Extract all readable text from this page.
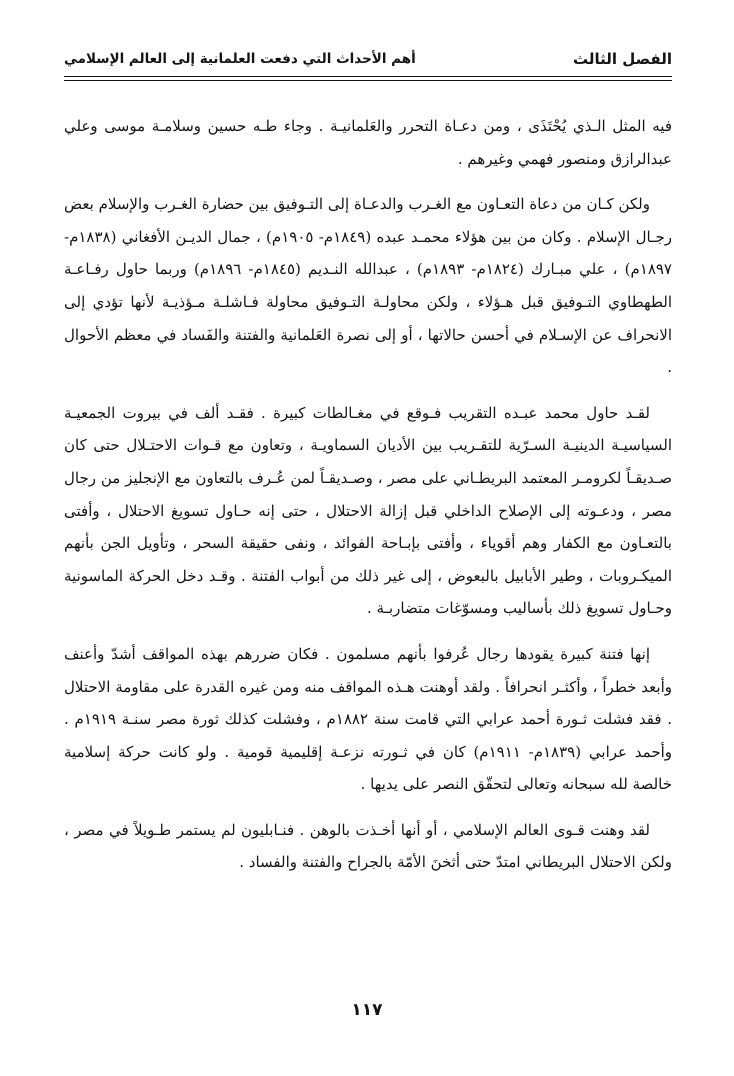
الفصل الثالث
أهم الأحداث التي دفعت العلمانية إلى العالم الإسلامي

فيه المثل الـذي يُحْتَذَى ، ومن دعـاة التحرر والعَلمانيـة . وجاء طـه حسين وسلامـة موسى وعلي عبدالرازق ومنصور فهمي وغيرهم .

ولكن كـان من دعاة التعـاون مع الغـرب والدعـاة إلى التـوفيق بين حضارة الغـرب والإسلام بعض رجـال الإسلام . وكان من بين هؤلاء محمـد عبده (١٨٤٩م- ١٩٠٥م) ، جمال الديـن الأفغاني (١٨٣٨م- ١٨٩٧م) ، علي مبـارك (١٨٢٤م- ١٨٩٣م) ، عبدالله النـديم (١٨٤٥م- ١٨٩٦م) وربما حاول رفـاعـة الطهطاوي التـوفيق قبل هـؤلاء ، ولكن محاولـة التـوفيق محاولة فـاشلـة مـؤذيـة لأنها تؤدي إلى الانحراف عن الإسـلام في أحسن حالاتها ، أو إلى نصرة العَلمانية والفتنة والفَساد في معظم الأحوال .

لقـد حاول محمد عبـده التقريب فـوقع في مغـالطات كبيرة . فقـد ألف في بيروت الجمعيـة السياسيـة الدينيـة السـرّية للتقـريب بين الأديان السماويـة ، وتعاون مع قـوات الاحتـلال حتى كان صـديقـاً لكرومـر المعتمد البريطـاني على مصر ، وصـديقـاً لمن عُـرف بالتعاون مع الإنجليز من رجال مصر ، ودعـوته إلى الإصلاح الداخلي قبل إزالة الاحتلال ، حتى إنه حـاول تسويغ الاحتلال ، وأفتى بالتعـاون مع الكفار وهم أقوياء ، وأفتى بإبـاحة الفوائد ، ونفى حقيقة السحر ، وتأويل الجن بأنهم الميكـروبات ، وطير الأبابيل بالبعوض ، إلى غير ذلك من أبواب الفتنة . وقـد دخل الحركة الماسونية وحـاول تسويغ ذلك بأساليب ومسوّغات متضاربـة .

إنها فتنة كبيرة يقودها رجال عُرفوا بأنهم مسلمون . فكان ضررهم بهذه المواقف أشدّ وأعنف وأبعد خطراً ، وأكثـر انحرافاً . ولقد أوهنت هـذه المواقف منه ومن غيره القدرة على مقاومة الاحتلال . فقد فشلت ثـورة أحمد عرابي التي قامت سنة ١٨٨٢م ، وفشلت كذلك ثورة مصر سنـة ١٩١٩م . وأحمد عرابي (١٨٣٩م- ١٩١١م) كان في ثـورته نزعـة إقليمية قومية . ولو كانت حركة إسلامية خالصة لله سبحانه وتعالى لتحقّق النصر على يديها .

لقد وهنت قـوى العالم الإسلامي ، أو أنها أخـذت بالوهن . فنـابليون لم يستمر طـويلاً في مصر ، ولكن الاحتلال البريطاني امتدّ حتى أثخنَ الأمّة بالجراح والفتنة والفساد .

١١٧
